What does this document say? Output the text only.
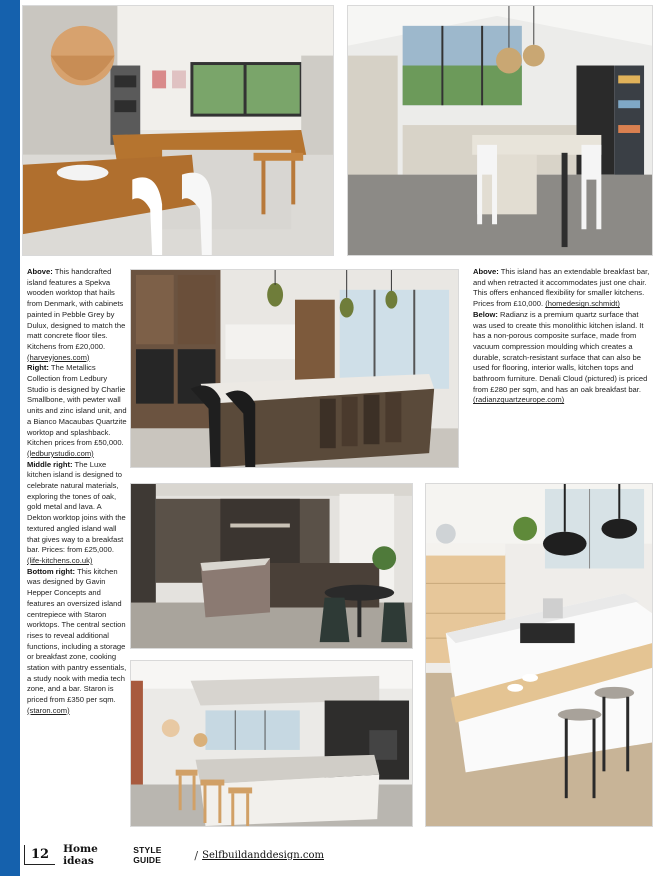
Above: This handcrafted island features a Spekva wooden worktop that hails from Denmark, with cabinets painted in Pebble Grey by Dulux, designed to match the matt concrete floor tiles. Kitchens from £20,000. (harveyjones.com)

Right: The Metallics Collection from Ledbury Studio is designed by Charlie Smallbone, with pewter wall units and zinc island unit, and a Bianco Macaubas Quartzite worktop and splashback. Kitchen prices from £50,000. (ledburystudio.com)

Middle right: The Luxe kitchen island is designed to celebrate natural materials, exploring the tones of oak, gold metal and lava. A Dekton worktop joins with the textured angled island wall that gives way to a breakfast bar. Prices: from £25,000. (life-kitchens.co.uk)

Bottom right: This kitchen was designed by Gavin Hepper Concepts and features an oversized island centrepiece with Staron worktops. The central section rises to reveal additional functions, including a storage or breakfast zone, cooking station with pantry essentials, a study nook with media tech zone, and a bar. Staron is priced from £350 per sqm. (staron.com)

Above: This island has an extendable breakfast bar, and when retracted it accommodates just one chair. This offers enhanced flexibility for smaller kitchens. Prices from £10,000. (homedesign.schmidt)

Below: Radianz is a premium quartz surface that was used to create this monolithic kitchen island. It has a non-porous composite surface, made from vacuum compression moulding which creates a durable, scratch-resistant surface that can also be used for flooring, interior walls, kitchen tops and bathroom furniture. Denali Cloud (pictured) is priced from £280 per sqm, and has an oak breakfast bar. (radianzquartzeurope.com)

12	Home ideas
STYLE GUIDE	/ Selfbuildanddesign.com
